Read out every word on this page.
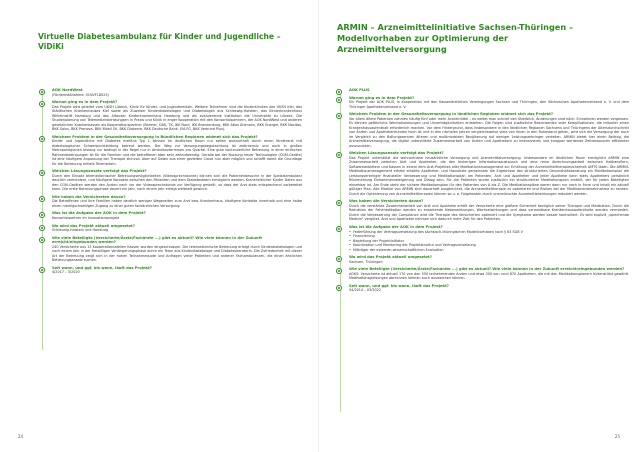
Virtuelle Diabetesambulanz für Kinder und Jugendliche –
ViDiKi
AOK NordWest
(Fördermaßnahme: 01NVF18023)
Worum ging es in dem Projekt?
Das Projekt wird geleitet vom UKSH Lübeck, Klinik für Kinder- und Jugendmedizin. Weitere Teilnehmer sind die Kinderkliniken des UKSH Kiel, des Städtischen Krankenhauses Kiel sowie als Zuweiser Kinderdiabetologen und Diabetologen aus Schleswig-Holstein, das Kinderkrankenhaus Wilhelmstift Hamburg und das Altonaer Kinderkrankenhaus Hamburg und als evaluierende Institution die Universität zu Lübeck. Die Studienplanung von Telemedizinberatungsen in Praxis und Klinik in enger Kooperation mit den Konsortialpartnern, der AOK NordWest und anderen gesetzlichen Krankenkassen als Kooperationspartner (Barmer, DAK, TK, IKK Nord, IKK Brandenburg, BKK Atlas Ahlmann, BKK Energie, BKK Novitas, BKK Salus, BKK Pronova, BKK Mobil Oil, BKK Diakonie, BKK Deutsche Bank, SVLFG, BKK Verbund Plus).
Welchem Problem in der Gesundheitsversorgung in Bündlichen Regionen widmet sich das Projekt?
Kinder und Jugendliche mit Diabetes mellitus Typ 1 können im ländlichen Raum nur selten wohnortnah durch einen Kinderarzt mit diabetologischer Schwerpunktbildung betreut werden. Der Weg zur Versorgungsbegutachtung ist zeitintensiv und auch in großen Metropolregionen bislang nur bedingt in der Regel nur in Ambulanzterminen pro Quartal. Eine gute kontinuierliche Betreuung in einer einfachen Rahmenbedingungen ist für die Familien und die betroffenen aber sehr zeitaufwendig. Gerade bei der Nutzung neuer Technologien (CGM-Geräte) ist eine häufigere Anpassung der Therapie sinnvoll. Aber auf Daten aus einer gezielten Cloud nun aber möglich und schafft damit die Grundlage für die Betreuung mittels Telemedizin.
Welchen Lösungsansatz verfolgt das Projekt?
Durch den Einsatz telemedizinischer Betreuungsmöglichkeiten (Videosprechstunde) können sich die Patientenbesuche in der Spezialambulanz deutlich vermindern, und häufigere Kontakte zwischen den Patienten und dem Diabetesteam ermöglicht werden. Krankheitlicher Kinder Daten aus den CGM-Geräten werden den Ärzten nach vor der Videosprechstunde zur Verfügung gestellt, so dass der Arzt stets entsprechend vorbereitet kann. Die erste Betreuungsphase dauert ein Jahr, nach einem Jahr erfolgt weltweit gewinnt.
Wie haben die Versicherten davon?
Die Betroffenen und ihre Familien haben deutlich weniger Wegezeiten zum Arzt bzw. Krankenhaus, häufigere Kontakte innerhalb und eine halbe einen niedrigschwelligen Zugang zu einer guten fachärztlichen Versorgung.
Was ist die Aufgabe der AOK in dem Projekt?
Konsortialpartner im Innovationsprojekt
Wo wird das Projekt aktuell umgesetzt?
Schleswig-Holstein und Hamburg
Wie viele Beteiligte (Versicherte/Ärzte/Fachärzte ...) gibt es aktuell? Wie viele können in der Zukunft erreicht/eingebunden werden?
240 Versicherte aus 15 Kooperationsstellen Kassen wurden eingeschlossen. Die telemedizinische Betreuung erfolgt durch Kinderdiabetologen und noch einem Jahr in der freiwilligen Verlängerungsphase durch ein Team aus Kinderdiabetologe und Diabetesberaterin. Die Zufriedenheit mit dieser Art der Betreuung zeigt sich in der hohen Teilnahmequote und Anfragen vieler Patienten und anderer Fachambulanzen, die einen ähnlichen Betreuungsansatz suchen.
Seit wann, und ggf. bis wann, läuft das Projekt?
4/2017 – 3/2020
24
ARMIN – Arzneimittelinitiative Sachsen-Thüringen –
Modellvorhaben zur Optimierung der
Arzneimittelversorgung
AOK PLUS
Worum ging es in dem Projekt?
Ein Projekt der AOK PLUS, in Kooperation mit den Kassenärztlichen Vereinigungen Sachsen und Thüringen, den Sächsischen Apothekerverband e. V. und dem Thüringer Apothekerverband e. V.
Welchem Problem in der Gesundheitsversorgung in ländlichen Regionen widmet sich das Projekt?
Vor allem ältere Patienten nehmen häufig fünf oder mehr Arzneimittel – es weitet man schnell den Überblick, Änderungen sind höch. Einnahmen werden vergessen. Es können gefährliche Wechselwirkungen und Unverträglichkeiten entstehen. Die Folgen sind zusätzliche Beschwerden oder Komplikationen, die mitunter einen Krankenhausaufenthalt erforderlich machen. Vor dem Hintergrund, dass insbesondere in den ländlichen Regionen Sachsens und Thüringens der Altersdurchschnitt von Ärzten und Apothekenkunden hoch ist und in den nächsten Jahren vergleichsweise viele von ihnen in den Ruhestand gehen, wird sich die Versorgung der auch im Vergleich zu den Ballungszentren älteren und multimorbiden Bevölkerung auf weniger Leistungserbringer verteilen. ARMIN bietet hier einen Beitrag, die Arzneimittelversorgung, die digital unterstützte Zusammenarbeit von Ärzten und Apothekern zu intensivieren und knapper werdende Zeitressourcen effizienter auszunutzen.
Welchen Lösungsansatz verfolgt das Projekt?
Das Projekt unterstützt die wohnortnahe hausärztliche Versorgung und Arzneimittelversorgung. Insbesondere im ländlichen Raum ermöglicht ARMIN eine Zusammenarbeit zwischen Arzt und Apotheker, die den bisherigen Informationsaustausch und eine reine Abrechnungsarbeit zwischen Heilberuflern, Softwareanbietern und Kassen in einem dem Arzt-Projektes aller Medikationsmanagement zur Erhöhung der Arzneimitteltherapiesicherheit AMTS lösen. Die ARMIN-Medikationsmanagement erhebt erhöhte Apotheker- und Hausärzte gemeinsam die Ergebnisse des strukturierten Gesundheitsberatung ein Medikationsplan die Leistungserbringer finanzieller Verbesserung und Medikationsplan am Patienten, Arzt und Apotheker und jeder Apotheke kann stets Apothekers persönlich Rückmeldung Einkommenssteigerung und Dialog sein. Für die Patienten wurde zusätzlich ein strukturierter Medikationsplan erstellt, der für jeden Beteiligten einsehbar ist. Am Ende steht der sichere Medikationsplan für den Patienten von A bis Z. Die Medikationspläne waren dann nur noch in Form und Inhalt ein aktuell gültiger Plan. Alle Module von ARMIN sind dauerhaft ausgerichtet, die Arzneimitteltherapie zu optimieren und Risiken bei der Medikamenteneinnahme zu senken. Durch die Optimierung von Arzneimitteltherapien können so u. a. Folgekosten durch unerwünschte Arzneimittelwirkungen reduziert werden.
Was haben die Versicherten davon?
Durch die verstärkte Zusammenarbeit von Arzt und Apotheke erhält der Versicherte eine größere Sicherheit bezüglich seiner Therapie und Medikation. Durch die Reduktion der Fehlmedikation werden zu erwartende Nebenwirkungen, Wechselwirkungen und dass vermeidbare Krankenhausaufenthalte werden vermieden. Durch die Verbesserung der Compliance wird die Therapie des Versicherten optimiert und die Symptome werden besser kontrolliert. Es wird explizit „sprechende Medizin“ vergütet. Arzt und Apotheker nehmen sich dadurch mehr Zeit für den Patienten.
Was ist die Aufgabe der AOK in dem Projekt?
• Federführung der Vertragsumsetzung des sächsisch-thüringischen Modellvorhaben nach § 63 SGB V
• Finanzierung
• Begleitung der Projektinitiator
• Koordination und Monitoring der Projektstruktur und Vertragsumsetzung
• Mitträger der externen wissenschaftlichen Evaluation
Wo wird das Projekt aktuell umgesetzt?
Sachsen, Thüringen
Wie viele Beteiligte (Versicherte/Ärzte/Fachärzte ...) gibt es aktuell? Wie viele können in der Zukunft erreicht/eingebunden werden?
AOKS: Versicherte ist aktuell 170 von den 550 teilnehmenden Ärzten und etwa 300 von rund 870 Apotheken, die mit den Medikationsplanern türtenstützt gewählt. Medikationsgleisungen abrechnen können auch ausweichen können.
Seit wann, und ggf. bis wann, läuft das Projekt?
04/2014 – 03/2022
25
